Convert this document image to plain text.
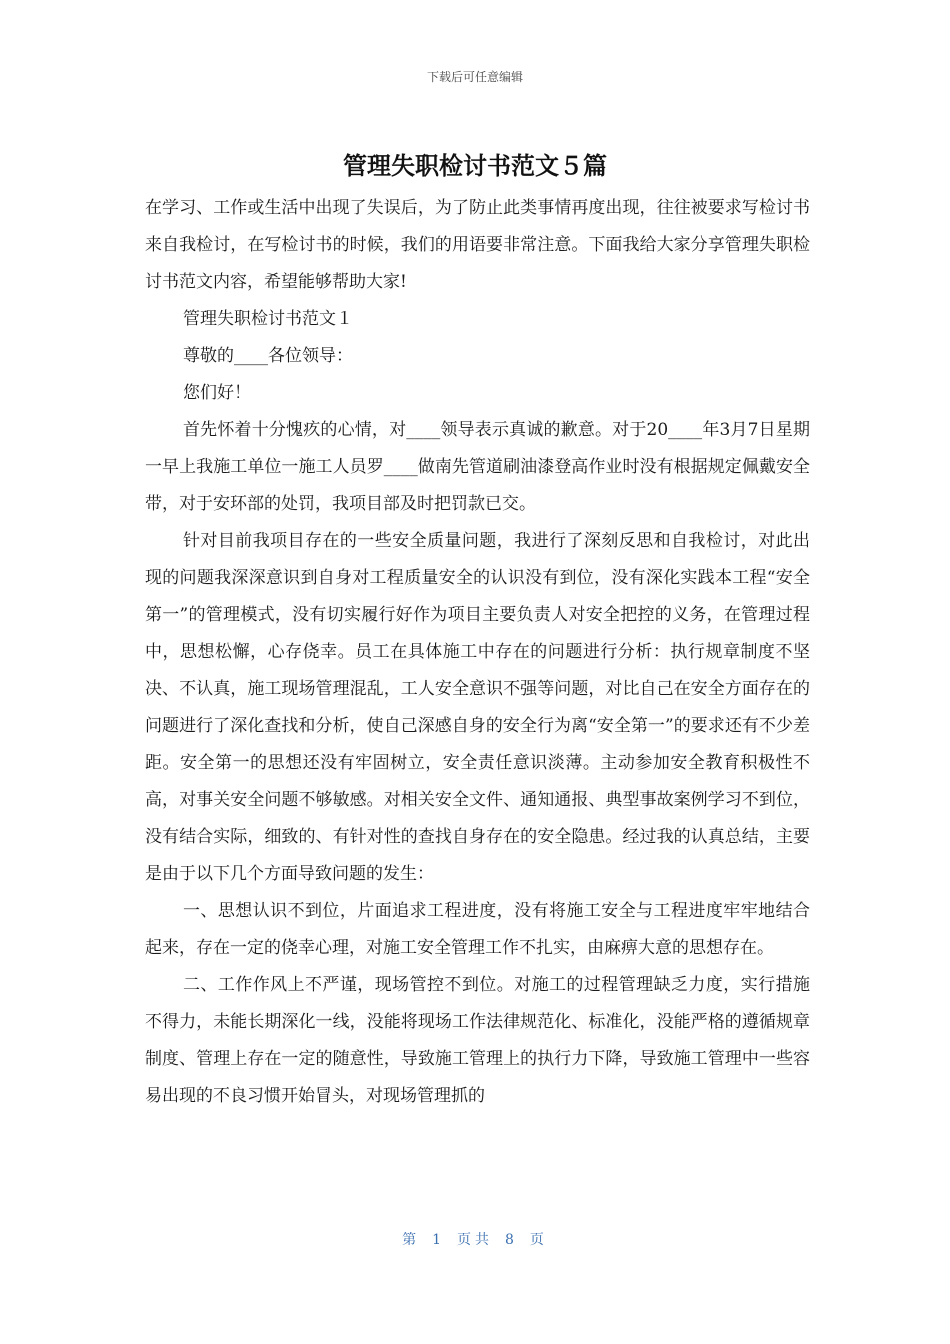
下载后可任意编辑
管理失职检讨书范文５篇

在学习、工作或生活中出现了失误后，为了防止此类事情再度出现，往往被要求写检讨书来自我检讨，在写检讨书的时候，我们的用语要非常注意。下面我给大家分享管理失职检讨书范文内容，希望能够帮助大家!

管理失职检讨书范文１

尊敬的____各位领导：

您们好！

首先怀着十分愧疚的心情，对____领导表示真诚的歉意。对于20____年3月7日星期一早上我施工单位一施工人员罗____做南先管道刷油漆登高作业时没有根据规定佩戴安全带，对于安环部的处罚，我项目部及时把罚款已交。

针对目前我项目存在的一些安全质量问题，我进行了深刻反思和自我检讨，对此出现的问题我深深意识到自身对工程质量安全的认识没有到位，没有深化实践本工程“安全第一”的管理模式，没有切实履行好作为项目主要负责人对安全把控的义务，在管理过程中，思想松懈，心存侥幸。员工在具体施工中存在的问题进行分析：执行规章制度不坚决、不认真，施工现场管理混乱，工人安全意识不强等问题，对比自己在安全方面存在的问题进行了深化查找和分析，使自己深感自身的安全行为离“安全第一”的要求还有不少差距。安全第一的思想还没有牢固树立，安全责任意识淡薄。主动参加安全教育积极性不高，对事关安全问题不够敏感。对相关安全文件、通知通报、典型事故案例学习不到位，没有结合实际，细致的、有针对性的查找自身存在的安全隐患。经过我的认真总结，主要是由于以下几个方面导致问题的发生：

一、思想认识不到位，片面追求工程进度，没有将施工安全与工程进度牢牢地结合起来，存在一定的侥幸心理，对施工安全管理工作不扎实，由麻痹大意的思想存在。

二、工作作风上不严谨，现场管控不到位。对施工的过程管理缺乏力度，实行措施不得力，未能长期深化一线，没能将现场工作法律规范化、标准化，没能严格的遵循规章制度、管理上存在一定的随意性，导致施工管理上的执行力下降，导致施工管理中一些容易出现的不良习惯开始冒头，对现场管理抓的

第 1 页共 8 页
